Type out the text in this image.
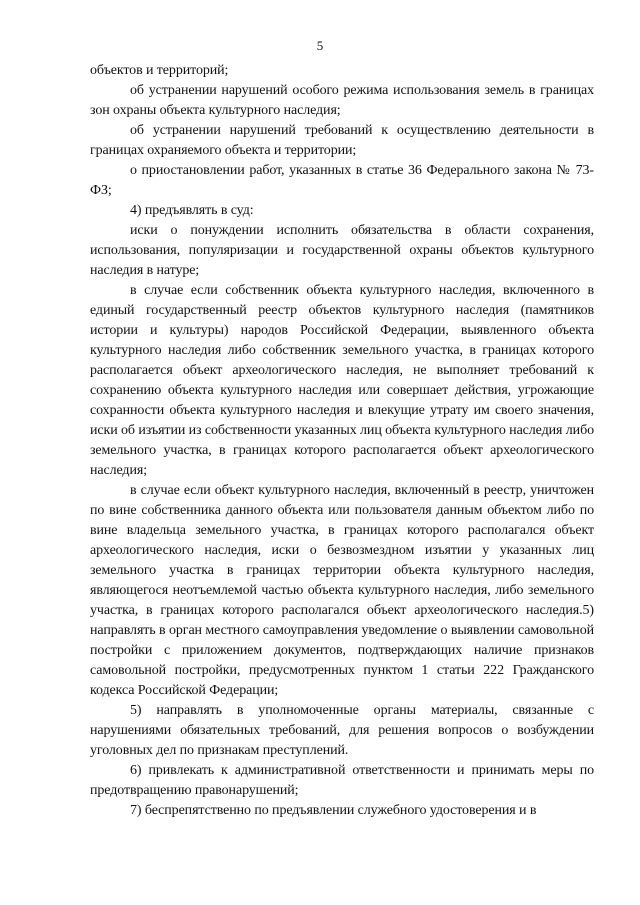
5

объектов и территорий;

об устранении нарушений особого режима использования земель в границах зон охраны объекта культурного наследия;

об устранении нарушений требований к осуществлению деятельности в границах охраняемого объекта и территории;

о приостановлении работ, указанных в статье 36 Федерального закона № 73-ФЗ;

4) предъявлять в суд:

иски о понуждении исполнить обязательства в области сохранения, использования, популяризации и государственной охраны объектов культурного наследия в натуре;

в случае если собственник объекта культурного наследия, включенного в единый государственный реестр объектов культурного наследия (памятников истории и культуры) народов Российской Федерации, выявленного объекта культурного наследия либо собственник земельного участка, в границах которого располагается объект археологического наследия, не выполняет требований к сохранению объекта культурного наследия или совершает действия, угрожающие сохранности объекта культурного наследия и влекущие утрату им своего значения, иски об изъятии из собственности указанных лиц объекта культурного наследия либо земельного участка, в границах которого располагается объект археологического наследия;

в случае если объект культурного наследия, включенный в реестр, уничтожен по вине собственника данного объекта или пользователя данным объектом либо по вине владельца земельного участка, в границах которого располагался объект археологического наследия, иски о безвозмездном изъятии у указанных лиц земельного участка в границах территории объекта культурного наследия, являющегося неотъемлемой частью объекта культурного наследия, либо земельного участка, в границах которого располагался объект археологического наследия.5) направлять в орган местного самоуправления уведомление о выявлении самовольной постройки с приложением документов, подтверждающих наличие признаков самовольной постройки, предусмотренных пунктом 1 статьи 222 Гражданского кодекса Российской Федерации;

5) направлять в уполномоченные органы материалы, связанные с нарушениями обязательных требований, для решения вопросов о возбуждении уголовных дел по признакам преступлений.

6) привлекать к административной ответственности и принимать меры по предотвращению правонарушений;

7) беспрепятственно по предъявлении служебного удостоверения и в
